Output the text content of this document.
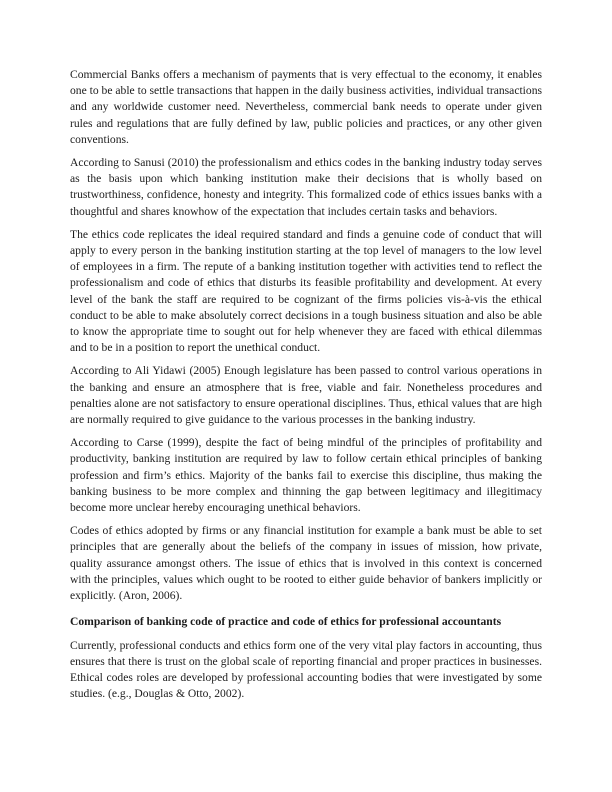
Commercial Banks offers a mechanism of payments that is very effectual to the economy, it enables one to be able to settle transactions that happen in the daily business activities, individual transactions and any worldwide customer need. Nevertheless, commercial bank needs to operate under given rules and regulations that are fully defined by law, public policies and practices, or any other given conventions.

According to Sanusi (2010) the professionalism and ethics codes in the banking industry today serves as the basis upon which banking institution make their decisions that is wholly based on trustworthiness, confidence, honesty and integrity. This formalized code of ethics issues banks with a thoughtful and shares knowhow of the expectation that includes certain tasks and behaviors.

The ethics code replicates the ideal required standard and finds a genuine code of conduct that will apply to every person in the banking institution starting at the top level of managers to the low level of employees in a firm. The repute of a banking institution together with activities tend to reflect the professionalism and code of ethics that disturbs its feasible profitability and development. At every level of the bank the staff are required to be cognizant of the firms policies vis-à-vis the ethical conduct to be able to make absolutely correct decisions in a tough business situation and also be able to know the appropriate time to sought out for help whenever they are faced with ethical dilemmas and to be in a position to report the unethical conduct.

According to Ali Yidawi (2005) Enough legislature has been passed to control various operations in the banking and ensure an atmosphere that is free, viable and fair. Nonetheless procedures and penalties alone are not satisfactory to ensure operational disciplines. Thus, ethical values that are high are normally required to give guidance to the various processes in the banking industry.

According to Carse (1999), despite the fact of being mindful of the principles of profitability and productivity, banking institution are required by law to follow certain ethical principles of banking profession and firm’s ethics. Majority of the banks fail to exercise this discipline, thus making the banking business to be more complex and thinning the gap between legitimacy and illegitimacy become more unclear hereby encouraging unethical behaviors.

Codes of ethics adopted by firms or any financial institution for example a bank must be able to set principles that are generally about the beliefs of the company in issues of mission, how private, quality assurance amongst others. The issue of ethics that is involved in this context is concerned with the principles, values which ought to be rooted to either guide behavior of bankers implicitly or explicitly. (Aron, 2006).

Comparison of banking code of practice and code of ethics for professional accountants

Currently, professional conducts and ethics form one of the very vital play factors in accounting, thus ensures that there is trust on the global scale of reporting financial and proper practices in businesses. Ethical codes roles are developed by professional accounting bodies that were investigated by some studies. (e.g., Douglas & Otto, 2002).
